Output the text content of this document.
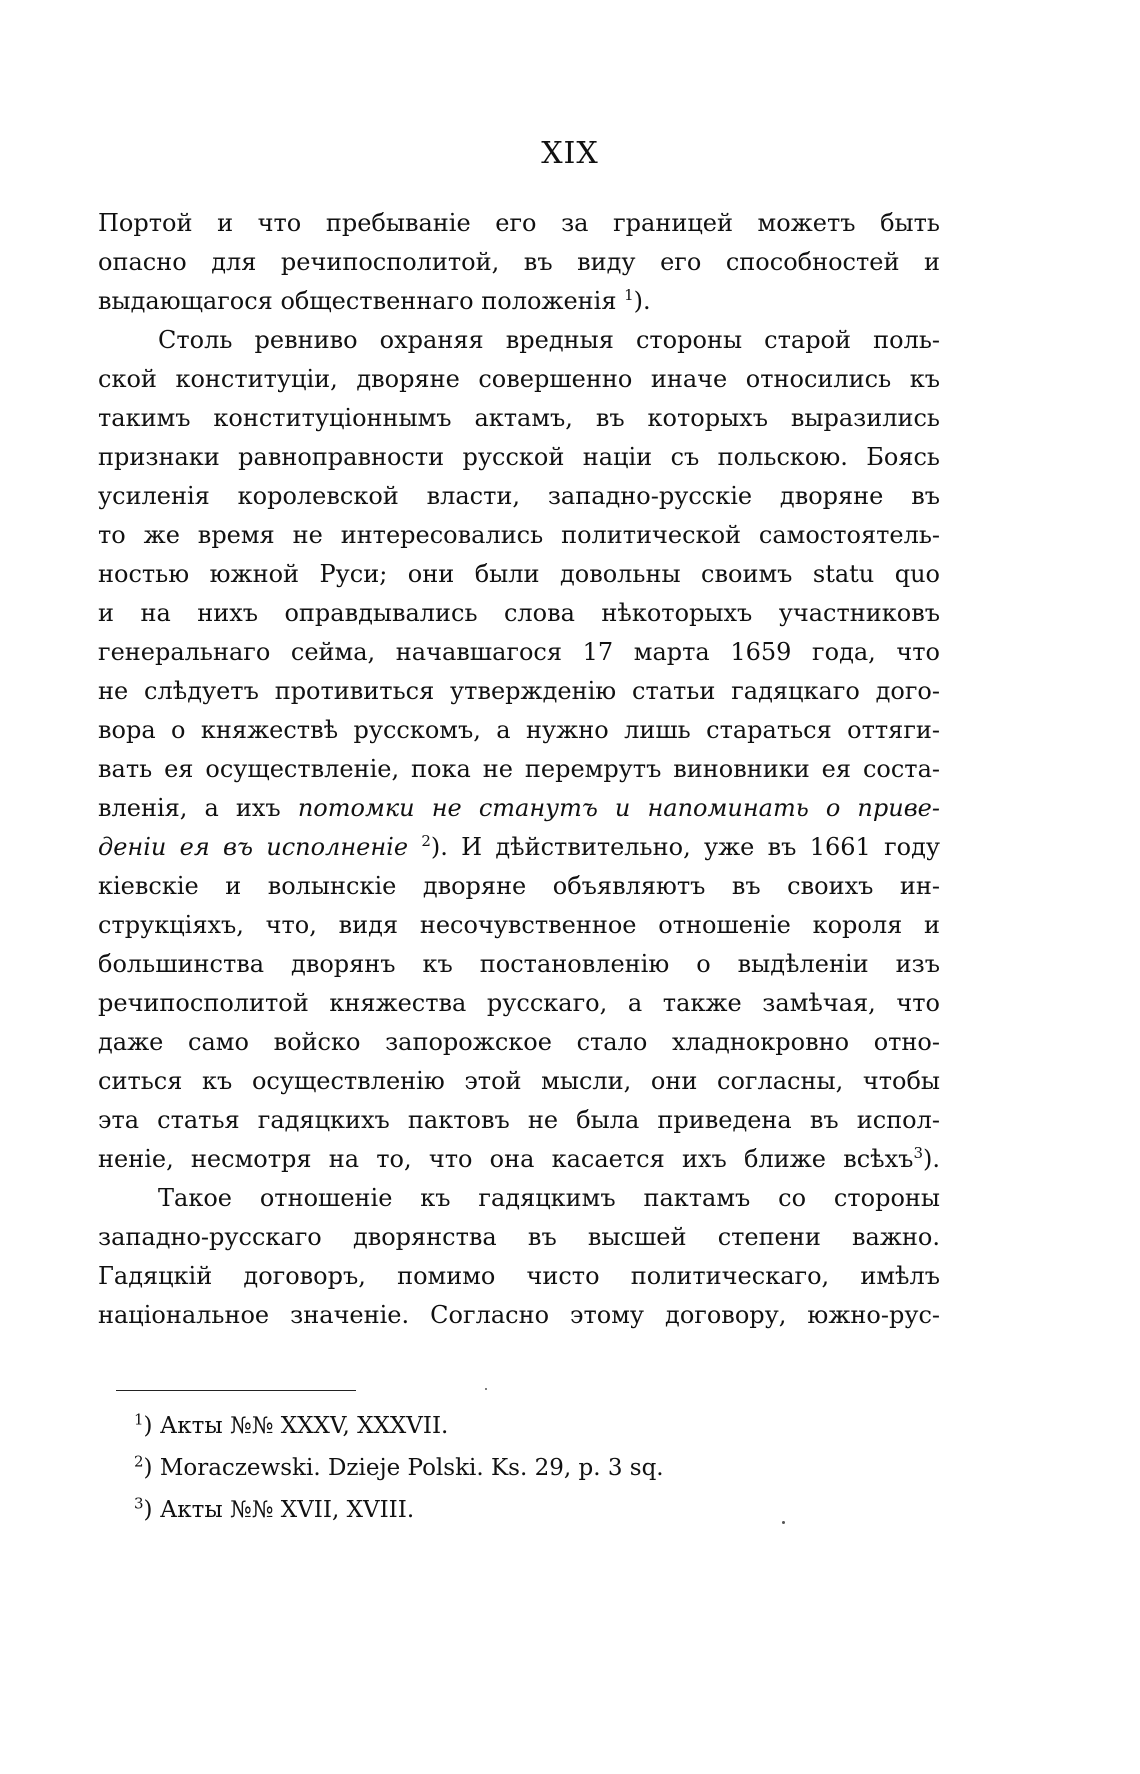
XIX
Портой и что пребываніе его за границей можетъ быть
опасно для речипосполитой, въ виду его способностей и
выдающагося общественнаго положенія $^1$).
Столь ревниво охраняя вредныя стороны старой поль-
ской конституціи, дворяне совершенно иначе относились къ
такимъ конституціоннымъ актамъ, въ которыхъ выразились
признаки равноправности русской націи съ польскою. Боясь
усиленія королевской власти, западно-русскіе дворяне въ
то же время не интересовались политической самостоятель-
ностью южной Руси; они были довольны своимъ statu quo
и на нихъ оправдывались слова нѣкоторыхъ участниковъ
генеральнаго сейма, начавшагося 17 марта 1659 года, что
не слѣдуетъ противиться утвержденію статьи гадяцкаго дого-
вора о княжествѣ русскомъ, а нужно лишь стараться оттяги-
вать ея осуществленіе, пока не перемрутъ виновники ея соста-
вленія, а ихъ потомки не станутъ и напоминать о приве-
деніи ея въ исполненіе $^2$). И дѣйствительно, уже въ 1661 году
кіевскіе и волынскіе дворяне объявляютъ въ своихъ ин-
струкціяхъ, что, видя несочувственное отношеніе короля и
большинства дворянъ къ постановленію о выдѣленіи изъ
речипосполитой княжества русскаго, а также замѣчая, что
даже само войско запорожское стало хладнокровно отно-
ситься къ осуществленію этой мысли, они согласны, чтобы
эта статья гадяцкихъ пактовъ не была приведена въ испол-
неніе, несмотря на то, что она касается ихъ ближе всѣхъ$^3$).
Такое отношеніе къ гадяцкимъ пактамъ со стороны
западно-русскаго дворянства въ высшей степени важно.
Гадяцкій договоръ, помимо чисто политическаго, имѣлъ
національное значеніе. Согласно этому договору, южно-рус-
$^1$) Акты №№ XXXV, XXXVII.
$^2$) Moraczewski. Dzieje Polski. Ks. 29, p. 3 sq.
$^3$) Акты №№ XVII, XVIII.
